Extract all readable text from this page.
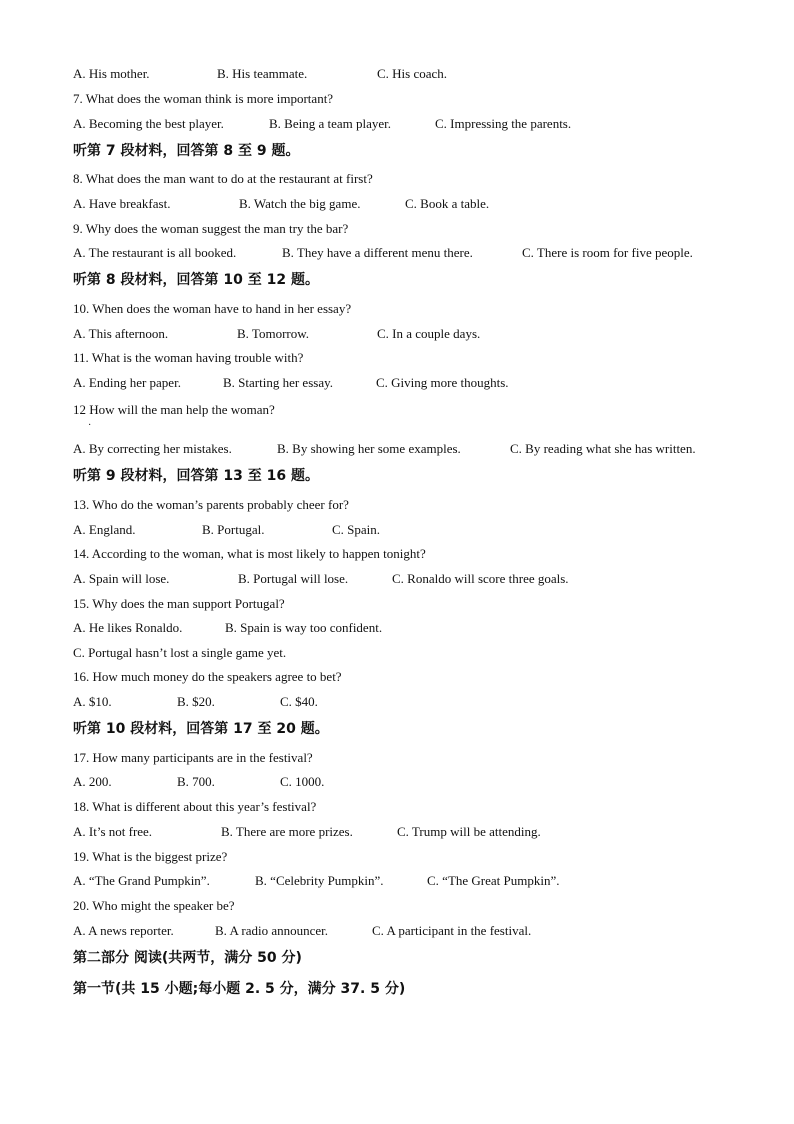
A. His mother.	B. His teammate.	C. His coach.
7. What does the woman think is more important?
A. Becoming the best player.	B. Being a team player.	C. Impressing the parents.
听第 7 段材料，回答第 8 至 9 题。
8. What does the man want to do at the restaurant at first?
A. Have breakfast.	B. Watch the big game.	C. Book a table.
9. Why does the woman suggest the man try the bar?
A. The restaurant is all booked.	B. They have a different menu there.	C. There is room for five people.
听第 8 段材料，回答第 10 至 12 题。
10. When does the woman have to hand in her essay?
A. This afternoon.	B. Tomorrow.	C. In a couple days.
11. What is the woman having trouble with?
A. Ending her paper.	B. Starting her essay.	C. Giving more thoughts.
12 How will the man help the woman?
·
A. By correcting her mistakes.	B. By showing her some examples.	C. By reading what she has written.
听第 9 段材料，回答第 13 至 16 题。
13. Who do the woman’s parents probably cheer for?
A. England.	B. Portugal.	C. Spain.
14. According to the woman, what is most likely to happen tonight?
A. Spain will lose.	B. Portugal will lose.	C. Ronaldo will score three goals.
15. Why does the man support Portugal?
A. He likes Ronaldo.	B. Spain is way too confident.
C. Portugal hasn’t lost a single game yet.
16. How much money do the speakers agree to bet?
A. $10.	B. $20.	C. $40.
听第 10 段材料，回答第 17 至 20 题。
17. How many participants are in the festival?
A. 200.	B. 700.	C. 1000.
18. What is different about this year’s festival?
A. It’s not free.	B. There are more prizes.	C. Trump will be attending.
19. What is the biggest prize?
A. “The Grand Pumpkin”.	B. “Celebrity Pumpkin”.	C. “The Great Pumpkin”.
20. Who might the speaker be?
A. A news reporter.	B. A radio announcer.	C. A participant in the festival.
第二部分 阅读(共两节，满分 50 分)
第一节(共 15 小题;每小题 2. 5 分，满分 37. 5 分)
